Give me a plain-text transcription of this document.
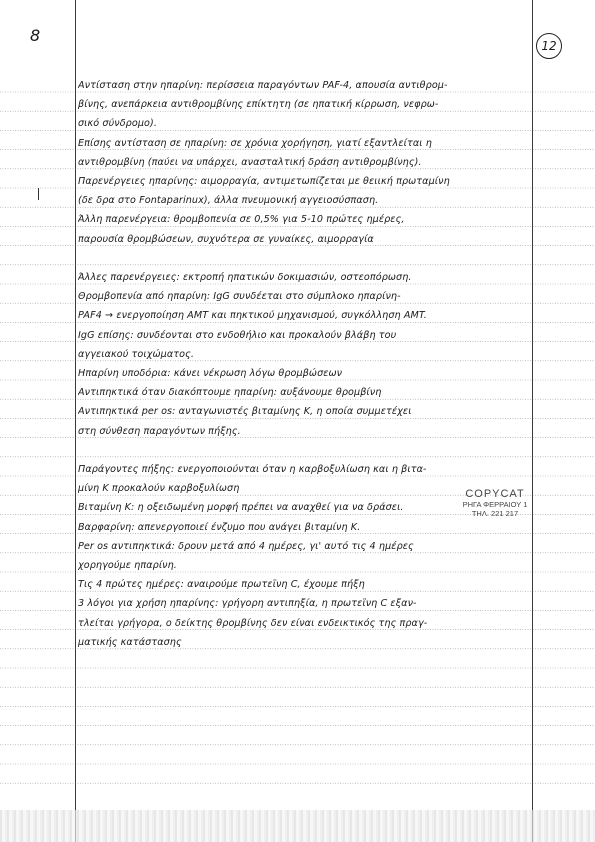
8
12
Αντίσταση στην ηπαρίνη: περίσσεια παραγόντων PAF-4, απουσία αντιθρομ-
βίνης, ανεπάρκεια αντιθρομβίνης επίκτητη (σε ηπατική κίρρωση, νεφρω-
σικό σύνδρομο).
Επίσης αντίσταση σε ηπαρίνη: σε χρόνια χορήγηση, γιατί εξαντλείται η
αντιθρομβίνη (παύει να υπάρχει, ανασταλτική δράση αντιθρομβίνης).
Παρενέργειες ηπαρίνης: αιμορραγία, αντιμετωπίζεται με θειική πρωταμίνη
(δε δρα στο Fontaparinux), άλλα πνευμονική αγγειοσύσπαση.
Άλλη παρενέργεια: θρομβοπενία σε 0,5% για 5-10 πρώτες ημέρες,
παρουσία θρομβώσεων, συχνότερα σε γυναίκες, αιμορραγία
Άλλες παρενέργειες: εκτροπή ηπατικών δοκιμασιών, οστεοπόρωση.
Θρομβοπενία από ηπαρίνη: IgG συνδέεται στο σύμπλοκο ηπαρίνη-
PAF4 → ενεργοποίηση AMT και πηκτικού μηχανισμού, συγκόλληση AMT.
IgG επίσης: συνδέονται στο ενδοθήλιο και προκαλούν βλάβη του
αγγειακού τοιχώματος.
Ηπαρίνη υποδόρια: κάνει νέκρωση λόγω θρομβώσεων
Αντιπηκτικά όταν διακόπτουμε ηπαρίνη: αυξάνουμε θρομβίνη
Αντιπηκτικά per os: ανταγωνιστές βιταμίνης Κ, η οποία συμμετέχει
στη σύνθεση παραγόντων πήξης.
Παράγοντες πήξης: ενεργοποιούνται όταν η καρβοξυλίωση και η βιτα-
μίνη Κ προκαλούν καρβοξυλίωση
Βιταμίνη Κ: η οξειδωμένη μορφή πρέπει να αναχθεί για να δράσει.
Βαρφαρίνη: απενεργοποιεί ένζυμο που ανάγει βιταμίνη Κ.
Per os αντιπηκτικά: δρουν μετά από 4 ημέρες, γι' αυτό τις 4 ημέρες
χορηγούμε ηπαρίνη.
Τις 4 πρώτες ημέρες: αναιρούμε πρωτεΐνη C, έχουμε πήξη
3 λόγοι για χρήση ηπαρίνης: γρήγορη αντιπηξία, η πρωτεΐνη C εξαν-
τλείται γρήγορα, ο δείκτης θρομβίνης δεν είναι ενδεικτικός της πραγ-
ματικής κατάστασης
COPYCAT
ΡΗΓΑ ΦΕΡΡΑΙΟΥ 1
ΤΗΛ. 221 217
